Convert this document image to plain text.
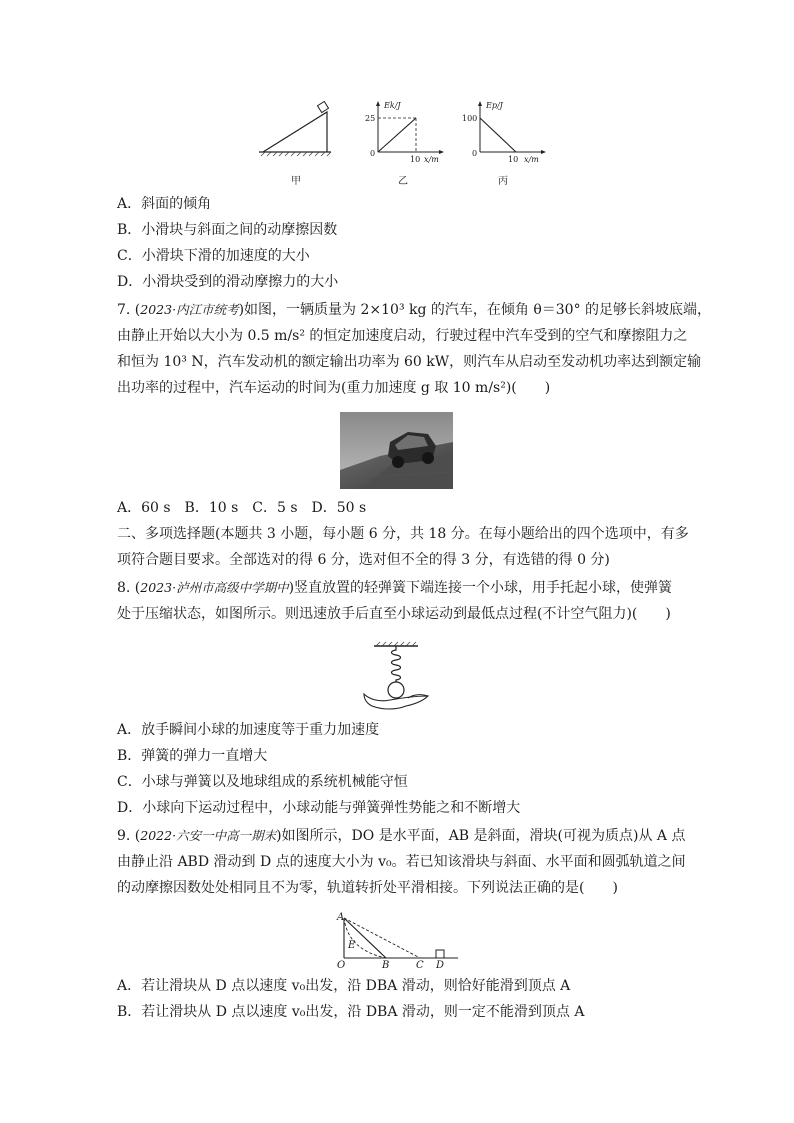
甲
Ek/J
25
0
10 x/m
乙
Ep/J
100
0
10 x/m
丙
A．斜面的倾角
B．小滑块与斜面之间的动摩擦因数
C．小滑块下滑的加速度的大小
D．小滑块受到的滑动摩擦力的大小
7. (2023·内江市统考)如图，一辆质量为 2×10³ kg 的汽车，在倾角 θ＝30° 的足够长斜坡底端，
由静止开始以大小为 0.5 m/s² 的恒定加速度启动，行驶过程中汽车受到的空气和摩擦阻力之
和恒为 10³ N，汽车发动机的额定输出功率为 60 kW，则汽车从启动至发动机功率达到额定输
出功率的过程中，汽车运动的时间为(重力加速度 g 取 10 m/s²)(　　)
A．60 s　B．10 s　C．5 s　D．50 s
二、多项选择题(本题共 3 小题，每小题 6 分，共 18 分。在每小题给出的四个选项中，有多
项符合题目要求。全部选对的得 6 分，选对但不全的得 3 分，有选错的得 0 分)
8. (2023·泸州市高级中学期中)竖直放置的轻弹簧下端连接一个小球，用手托起小球，使弹簧
处于压缩状态，如图所示。则迅速放手后直至小球运动到最低点过程(不计空气阻力)(　　)
A．放手瞬间小球的加速度等于重力加速度
B．弹簧的弹力一直增大
C．小球与弹簧以及地球组成的系统机械能守恒
D．小球向下运动过程中，小球动能与弹簧弹性势能之和不断增大
9. (2022·六安一中高一期末)如图所示，DO 是水平面，AB 是斜面，滑块(可视为质点)从 A 点
由静止沿 ABD 滑动到 D 点的速度大小为 v₀。若已知该滑块与斜面、水平面和圆弧轨道之间
的动摩擦因数处处相同且不为零，轨道转折处平滑相接。下列说法正确的是(　　)
A
E
O	B	C D
A．若让滑块从 D 点以速度 v₀出发，沿 DBA 滑动，则恰好能滑到顶点 A
B．若让滑块从 D 点以速度 v₀出发，沿 DBA 滑动，则一定不能滑到顶点 A
